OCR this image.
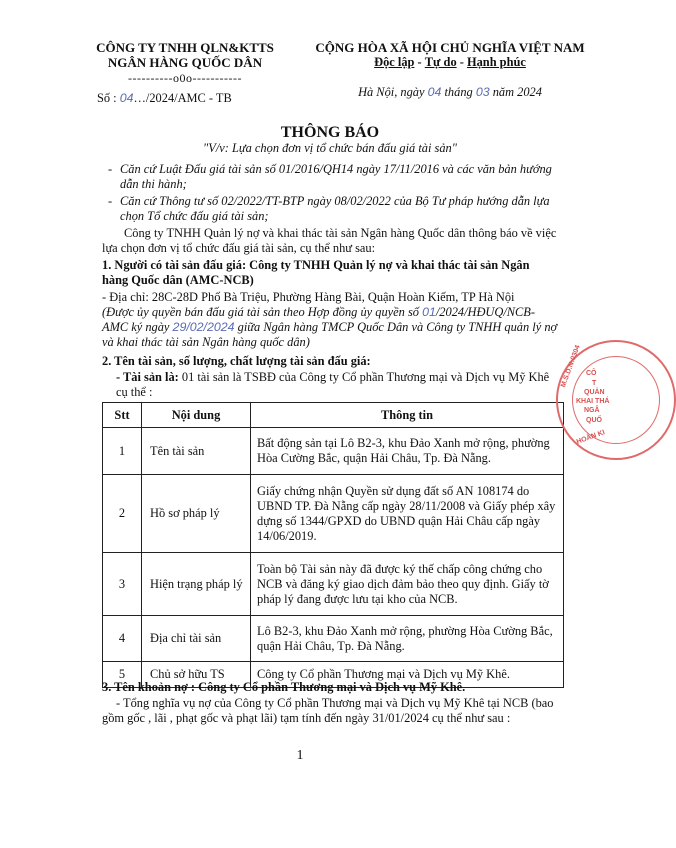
CÔNG TY TNHH QLN&KTTS
NGÂN HÀNG QUỐC DÂN
----------o0o-----------
Số : 04…/2024/AMC - TB
CỘNG HÒA XÃ HỘI CHỦ NGHĨA VIỆT NAM
Độc lập - Tự do - Hạnh phúc
Hà Nội, ngày 04 tháng 03 năm 2024
THÔNG BÁO
"V/v: Lựa chọn đơn vị tổ chức bán đấu giá tài sản"
- Căn cứ Luật Đấu giá tài sản số 01/2016/QH14 ngày 17/11/2016 và các văn bản hướng dẫn thi hành;
- Căn cứ Thông tư số 02/2022/TT-BTP ngày 08/02/2022 của Bộ Tư pháp hướng dẫn lựa chọn Tổ chức đấu giá tài sản;
Công ty TNHH Quản lý nợ và khai thác tài sản Ngân hàng Quốc dân thông báo về việc lựa chọn đơn vị tổ chức đấu giá tài sản, cụ thể như sau:
1. Người có tài sản đấu giá: Công ty TNHH Quản lý nợ và khai thác tài sản Ngân hàng Quốc dân (AMC-NCB)
- Địa chỉ: 28C-28D Phố Bà Triệu, Phường Hàng Bài, Quận Hoàn Kiếm, TP Hà Nội
(Được ủy quyền bán đấu giá tài sản theo Hợp đồng ủy quyền số 01/2024/HĐUQ/NCB-AMC ký ngày 29/02/2024 giữa Ngân hàng TMCP Quốc Dân và Công ty TNHH quản lý nợ và khai thác tài sản Ngân hàng quốc dân)
2. Tên tài sản, số lượng, chất lượng tài sản đấu giá:
- Tài sản là: 01 tài sản là TSBĐ của Công ty Cổ phần Thương mại và Dịch vụ Mỹ Khê cụ thể :
Stt	Nội dung	Thông tin
1	Tên tài sản	Bất động sản tại Lô B2-3, khu Đảo Xanh mở rộng, phường Hòa Cường Bắc, quận Hải Châu, Tp. Đà Nẵng.
2	Hồ sơ pháp lý	Giấy chứng nhận Quyền sử dụng đất số AN 108174 do UBND TP. Đà Nẵng cấp ngày 28/11/2008 và Giấy phép xây dựng số 1344/GPXD do UBND quận Hải Châu cấp ngày 14/06/2019.
3	Hiện trạng pháp lý	Toàn bộ Tài sản này đã được ký thế chấp công chứng cho NCB và đăng ký giao dịch đảm bảo theo quy định. Giấy tờ pháp lý đang được lưu tại kho của NCB.
4	Địa chỉ tài sản	Lô B2-3, khu Đảo Xanh mở rộng, phường Hòa Cường Bắc, quận Hải Châu, Tp. Đà Nẵng.
5	Chủ sở hữu TS	Công ty Cổ phần Thương mại và Dịch vụ Mỹ Khê.
3. Tên khoản nợ : Công ty Cổ phần Thương mại và Dịch vụ Mỹ Khê.
- Tổng nghĩa vụ nợ của Công ty Cổ phần Thương mại và Dịch vụ Mỹ Khê tại NCB (bao gồm gốc , lãi , phạt gốc và phạt lãi) tạm tính đến ngày 31/01/2024 cụ thể như sau :
1
M.S.D.N:0304 CÔ
T
QUẢN
KHAI THÁ
NGÂ
QUỐ
HOÀN KI
